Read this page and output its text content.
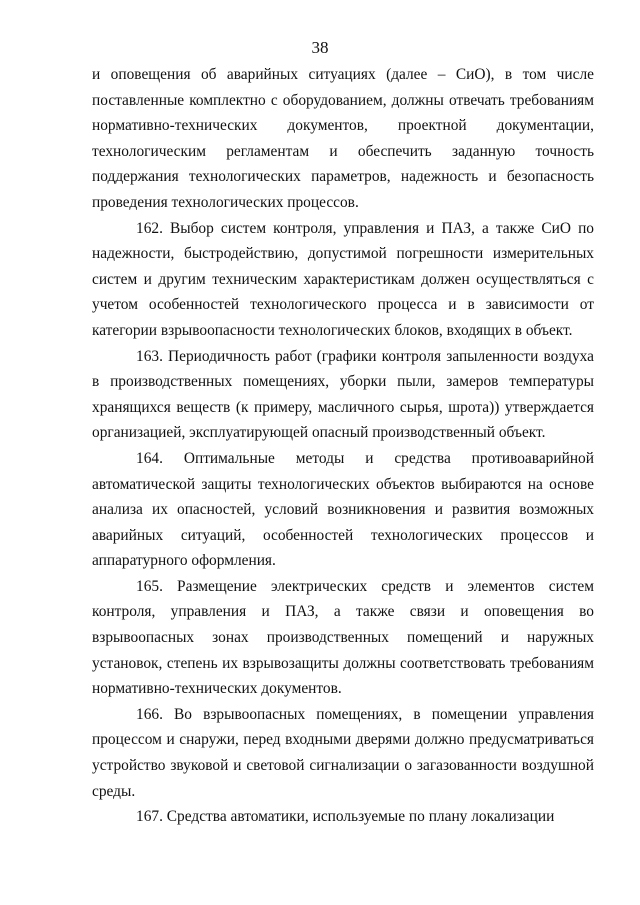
38

и оповещения об аварийных ситуациях (далее – СиО), в том числе поставленные комплектно с оборудованием, должны отвечать требованиям нормативно-технических документов, проектной документации, технологическим регламентам и обеспечить заданную точность поддержания технологических параметров, надежность и безопасность проведения технологических процессов.

162. Выбор систем контроля, управления и ПАЗ, а также СиО по надежности, быстродействию, допустимой погрешности измерительных систем и другим техническим характеристикам должен осуществляться с учетом особенностей технологического процесса и в зависимости от категории взрывоопасности технологических блоков, входящих в объект.

163. Периодичность работ (графики контроля запыленности воздуха в производственных помещениях, уборки пыли, замеров температуры хранящихся веществ (к примеру, масличного сырья, шрота)) утверждается организацией, эксплуатирующей опасный производственный объект.

164. Оптимальные методы и средства противоаварийной автоматической защиты технологических объектов выбираются на основе анализа их опасностей, условий возникновения и развития возможных аварийных ситуаций, особенностей технологических процессов и аппаратурного оформления.

165. Размещение электрических средств и элементов систем контроля, управления и ПАЗ, а также связи и оповещения во взрывоопасных зонах производственных помещений и наружных установок, степень их взрывозащиты должны соответствовать требованиям нормативно-технических документов.

166. Во взрывоопасных помещениях, в помещении управления процессом и снаружи, перед входными дверями должно предусматриваться устройство звуковой и световой сигнализации о загазованности воздушной среды.

167. Средства автоматики, используемые по плану локализации
